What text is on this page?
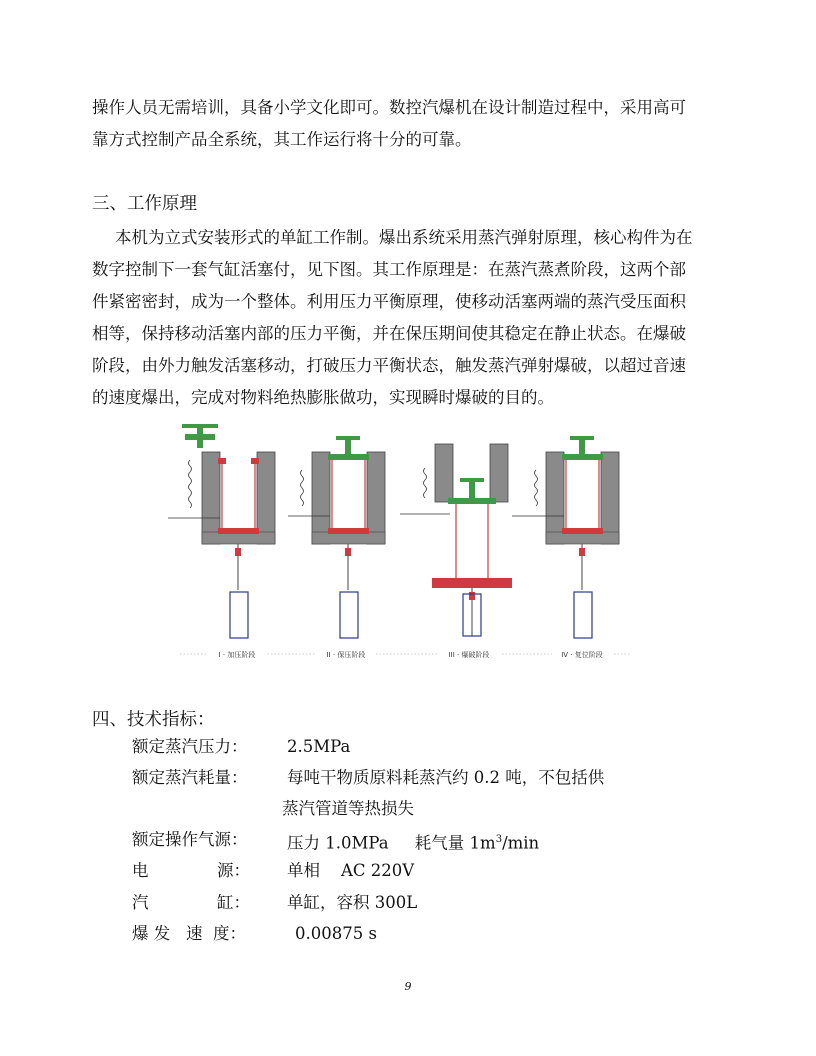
操作人员无需培训，具备小学文化即可。数控汽爆机在设计制造过程中，采用高可

靠方式控制产品全系统，其工作运行将十分的可靠。

三、工作原理

本机为立式安装形式的单缸工作制。爆出系统采用蒸汽弹射原理，核心构件为在

数字控制下一套气缸活塞付，见下图。其工作原理是：在蒸汽蒸煮阶段，这两个部

件紧密密封，成为一个整体。利用压力平衡原理，使移动活塞两端的蒸汽受压面积

相等，保持移动活塞内部的压力平衡，并在保压期间使其稳定在静止状态。在爆破

阶段，由外力触发活塞移动，打破压力平衡状态，触发蒸汽弹射爆破，以超过音速

的速度爆出，完成对物料绝热膨胀做功，实现瞬时爆破的目的。

I · 加压阶段	II · 保压阶段	III · 爆破阶段	IV · 复位阶段

四、技术指标：

额定蒸汽压力： 2.5MPa
额定蒸汽耗量： 每吨干物质原料耗蒸汽约 0.2 吨，不包括供
蒸汽管道等热损失
额定操作气源： 压力 1.0MPa     耗气量 $1m^3/\min$
电	源： 单相    AC 220V
汽	缸： 单缸，容积 300L
爆 发   速  度：	0.00875 s
9
